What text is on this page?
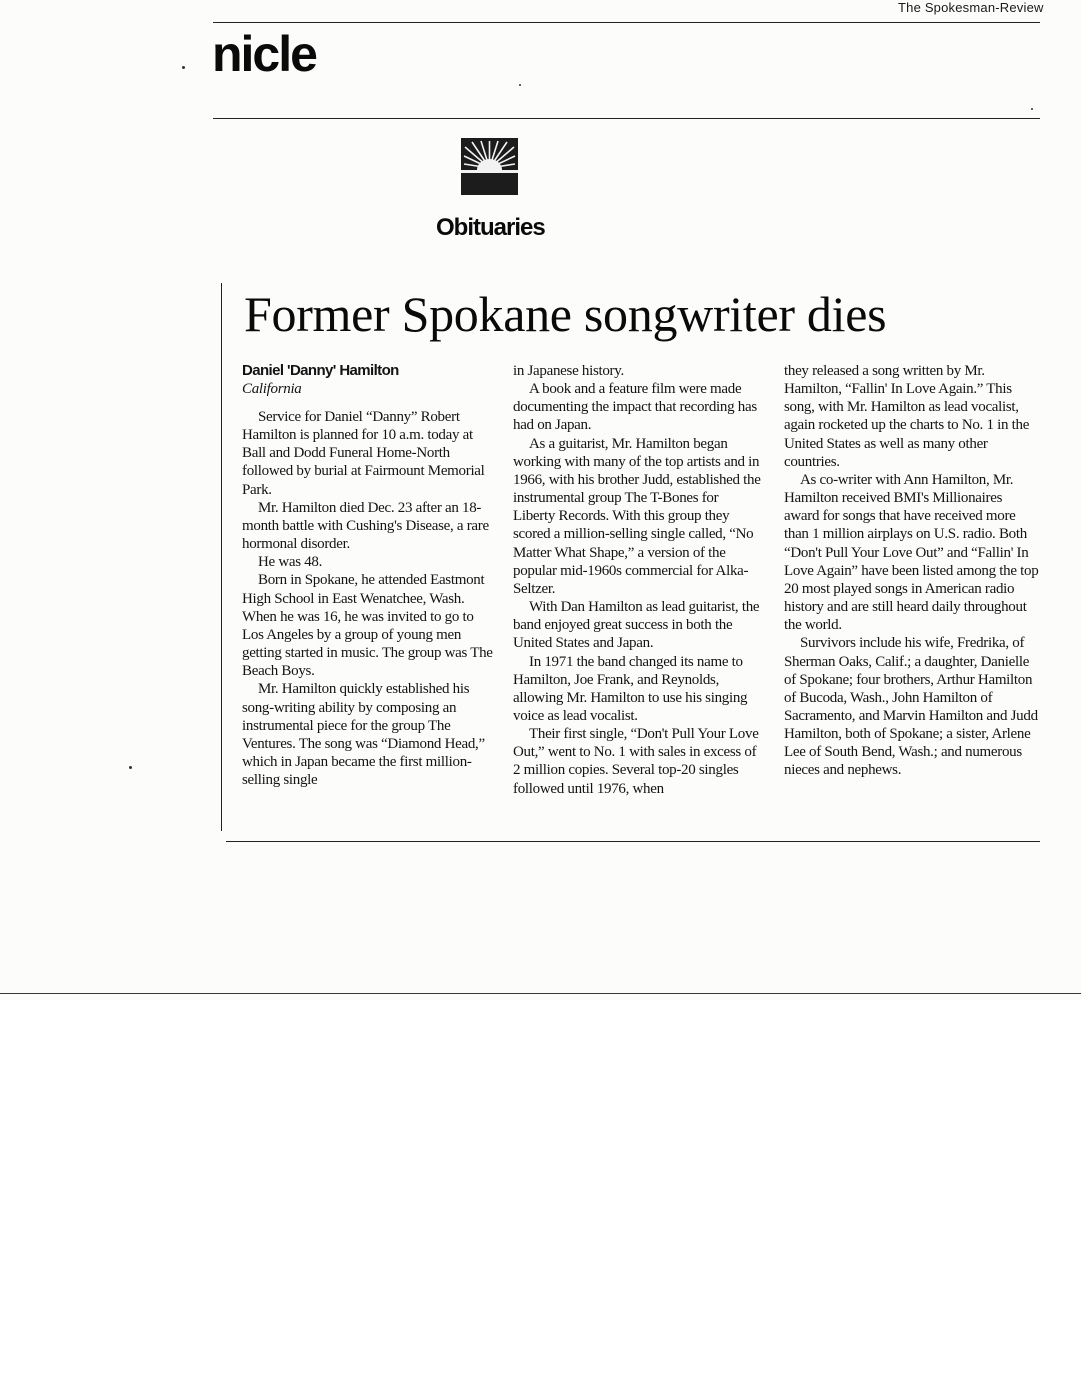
The Spokesman-Review
nicle
Obituaries
Former Spokane songwriter dies
Daniel 'Danny' Hamilton
California

Service for Daniel “Danny” Robert Hamilton is planned for 10 a.m. today at Ball and Dodd Funeral Home-North followed by burial at Fairmount Memorial Park.

Mr. Hamilton died Dec. 23 after an 18-month battle with Cushing's Disease, a rare hormonal disorder.

He was 48.

Born in Spokane, he attended Eastmont High School in East Wenatchee, Wash. When he was 16, he was invited to go to Los Angeles by a group of young men getting started in music. The group was The Beach Boys.

Mr. Hamilton quickly established his song-writing ability by composing an instrumental piece for the group The Ventures. The song was “Diamond Head,” which in Japan became the first million-selling single

in Japanese history.

A book and a feature film were made documenting the impact that recording has had on Japan.

As a guitarist, Mr. Hamilton began working with many of the top artists and in 1966, with his brother Judd, established the instrumental group The T-Bones for Liberty Records. With this group they scored a million-selling single called, “No Matter What Shape,” a version of the popular mid-1960s commercial for Alka-Seltzer.

With Dan Hamilton as lead guitarist, the band enjoyed great success in both the United States and Japan.

In 1971 the band changed its name to Hamilton, Joe Frank, and Reynolds, allowing Mr. Hamilton to use his singing voice as lead vocalist.

Their first single, “Don't Pull Your Love Out,” went to No. 1 with sales in excess of 2 million copies. Several top-20 singles followed until 1976, when

they released a song written by Mr. Hamilton, “Fallin' In Love Again.” This song, with Mr. Hamilton as lead vocalist, again rocketed up the charts to No. 1 in the United States as well as many other countries.

As co-writer with Ann Hamilton, Mr. Hamilton received BMI's Millionaires award for songs that have received more than 1 million airplays on U.S. radio. Both “Don't Pull Your Love Out” and “Fallin' In Love Again” have been listed among the top 20 most played songs in American radio history and are still heard daily throughout the world.

Survivors include his wife, Fredrika, of Sherman Oaks, Calif.; a daughter, Danielle of Spokane; four brothers, Arthur Hamilton of Bucoda, Wash., John Hamilton of Sacramento, and Marvin Hamilton and Judd Hamilton, both of Spokane; a sister, Arlene Lee of South Bend, Wash.; and numerous nieces and nephews.
